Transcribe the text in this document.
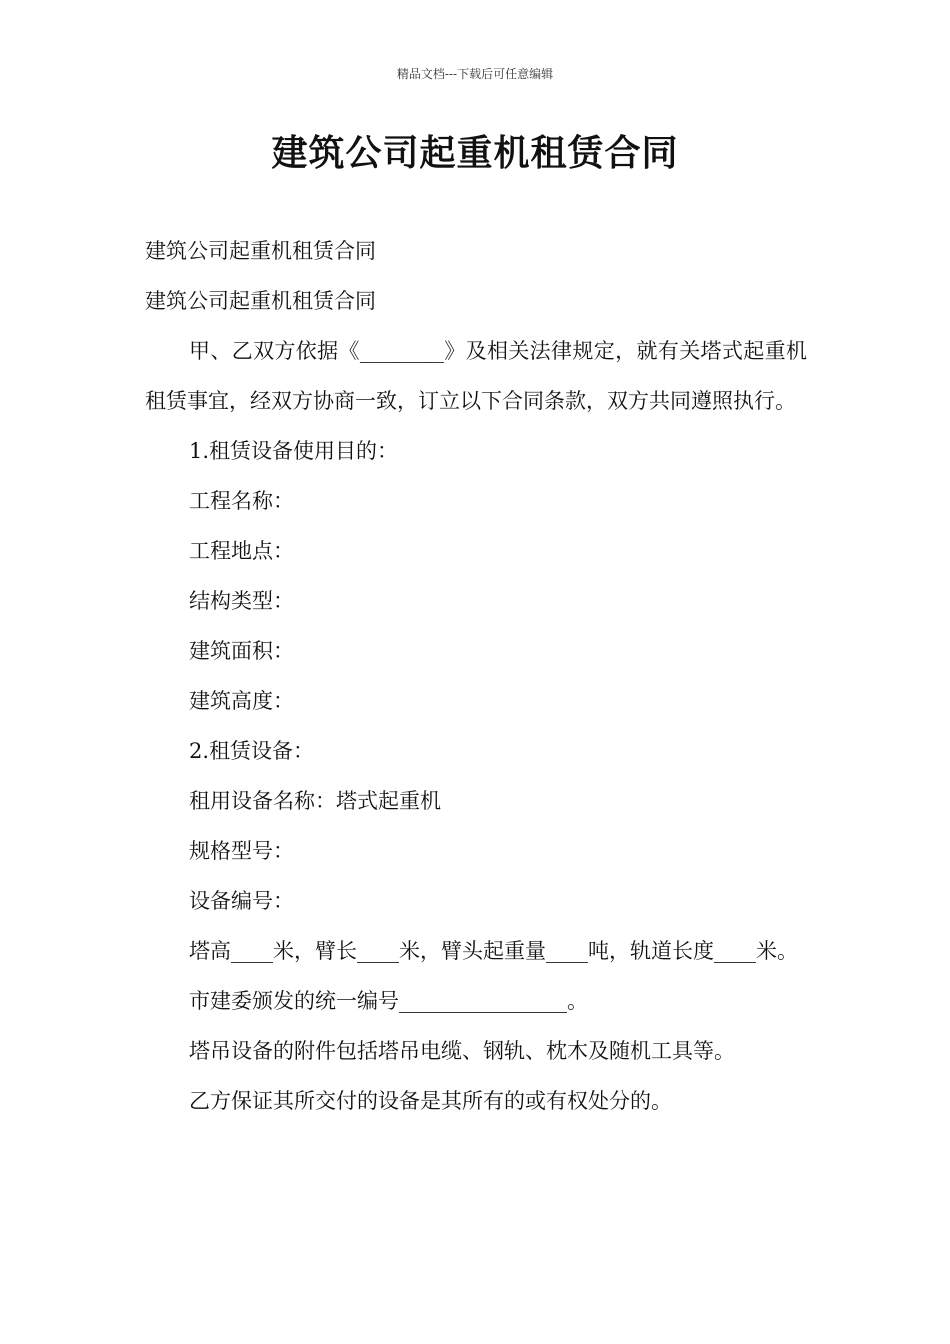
精品文档---下载后可任意编辑
建筑公司起重机租赁合同

建筑公司起重机租赁合同

建筑公司起重机租赁合同

甲、乙双方依据《________》及相关法律规定，就有关塔式起重机租赁事宜，经双方协商一致，订立以下合同条款，双方共同遵照执行。

1.租赁设备使用目的：

工程名称：

工程地点：

结构类型：

建筑面积：

建筑高度：

2.租赁设备：

租用设备名称：塔式起重机

规格型号：

设备编号：

塔高____米，臂长____米，臂头起重量____吨，轨道长度____米。

市建委颁发的统一编号________________。

塔吊设备的附件包括塔吊电缆、钢轨、枕木及随机工具等。

乙方保证其所交付的设备是其所有的或有权处分的。
